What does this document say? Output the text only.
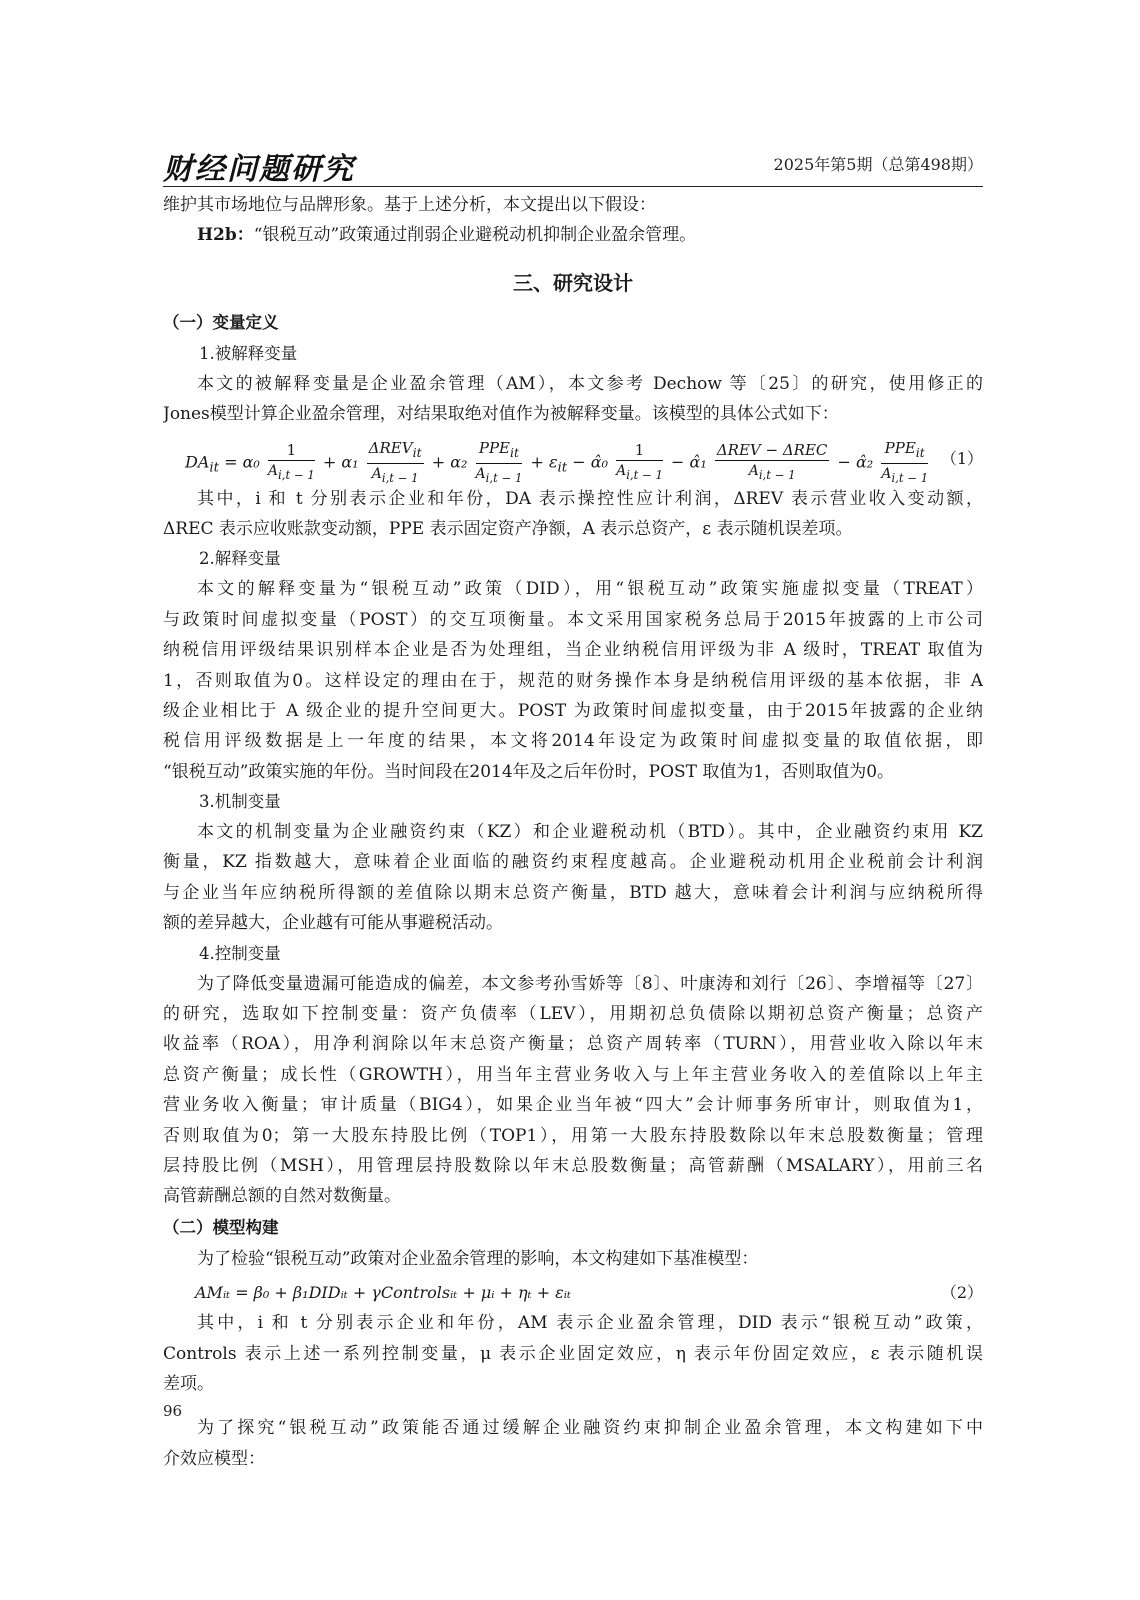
财经问题研究	2025年第5期（总第498期）
维护其市场地位与品牌形象。基于上述分析，本文提出以下假设：
H2b：“银税互动”政策通过削弱企业避税动机抑制企业盈余管理。
三、研究设计
（一）变量定义
1.被解释变量
本文的被解释变量是企业盈余管理（AM），本文参考 Dechow 等〔25〕的研究，使用修正的
Jones模型计算企业盈余管理，对结果取绝对值作为被解释变量。该模型的具体公式如下：
$DA_{it} = \alpha_0 \frac{1}{A_{i,t - 1}} + \alpha_1 \frac{\Delta REV_{it}}{A_{i,t - 1}} + \alpha_2 \frac{PPE_{it}}{A_{i,t - 1}} + \varepsilon_{it}$ − α̂₀ $\frac{1}{A_{i,t - 1}}$ − α̂₁ $\frac{\text{ΔREV − ΔREC}}{A_{i,t - 1}}$ − α̂₂ $\frac{PPE_{it}}{A_{i,t - 1}} (1)$
其中，i 和 t 分别表示企业和年份，DA 表示操控性应计利润，ΔREV 表示营业收入变动额，
ΔREC 表示应收账款变动额，PPE 表示固定资产净额，A 表示总资产，ε 表示随机误差项。
2.解释变量
本文的解释变量为“银税互动”政策（DID），用“银税互动”政策实施虚拟变量（TREAT）
与政策时间虚拟变量（POST）的交互项衡量。本文采用国家税务总局于2015年披露的上市公司
纳税信用评级结果识别样本企业是否为处理组，当企业纳税信用评级为非 A 级时，TREAT 取值为
1，否则取值为0。这样设定的理由在于，规范的财务操作本身是纳税信用评级的基本依据，非 A
级企业相比于 A 级企业的提升空间更大。POST 为政策时间虚拟变量，由于2015年披露的企业纳
税信用评级数据是上一年度的结果，本文将2014年设定为政策时间虚拟变量的取值依据，即
“银税互动”政策实施的年份。当时间段在2014年及之后年份时，POST 取值为1，否则取值为0。
3.机制变量
本文的机制变量为企业融资约束（KZ）和企业避税动机（BTD）。其中，企业融资约束用 KZ
衡量，KZ 指数越大，意味着企业面临的融资约束程度越高。企业避税动机用企业税前会计利润
与企业当年应纳税所得额的差值除以期末总资产衡量，BTD 越大，意味着会计利润与应纳税所得
额的差异越大，企业越有可能从事避税活动。
4.控制变量
为了降低变量遗漏可能造成的偏差，本文参考孙雪娇等〔8〕、叶康涛和刘行〔26〕、李增福等〔27〕
的研究，选取如下控制变量：资产负债率（LEV），用期初总负债除以期初总资产衡量；总资产
收益率（ROA），用净利润除以年末总资产衡量；总资产周转率（TURN），用营业收入除以年末
总资产衡量；成长性（GROWTH），用当年主营业务收入与上年主营业务收入的差值除以上年主
营业务收入衡量；审计质量（BIG4），如果企业当年被“四大”会计师事务所审计，则取值为1，
否则取值为0；第一大股东持股比例（TOP1），用第一大股东持股数除以年末总股数衡量；管理
层持股比例（MSH），用管理层持股数除以年末总股数衡量；高管薪酬（MSALARY），用前三名
高管薪酬总额的自然对数衡量。
（二）模型构建
为了检验“银税互动”政策对企业盈余管理的影响，本文构建如下基准模型：
AMᵢₜ = β₀ + β₁DIDᵢₜ + γControlsᵢₜ + μᵢ + ηₜ + εᵢₜ	（2）
其中，i 和 t 分别表示企业和年份，AM 表示企业盈余管理，DID 表示“银税互动”政策，
Controls 表示上述一系列控制变量，μ 表示企业固定效应，η 表示年份固定效应，ε 表示随机误
差项。
为了探究“银税互动”政策能否通过缓解企业融资约束抑制企业盈余管理，本文构建如下中
介效应模型：
96
